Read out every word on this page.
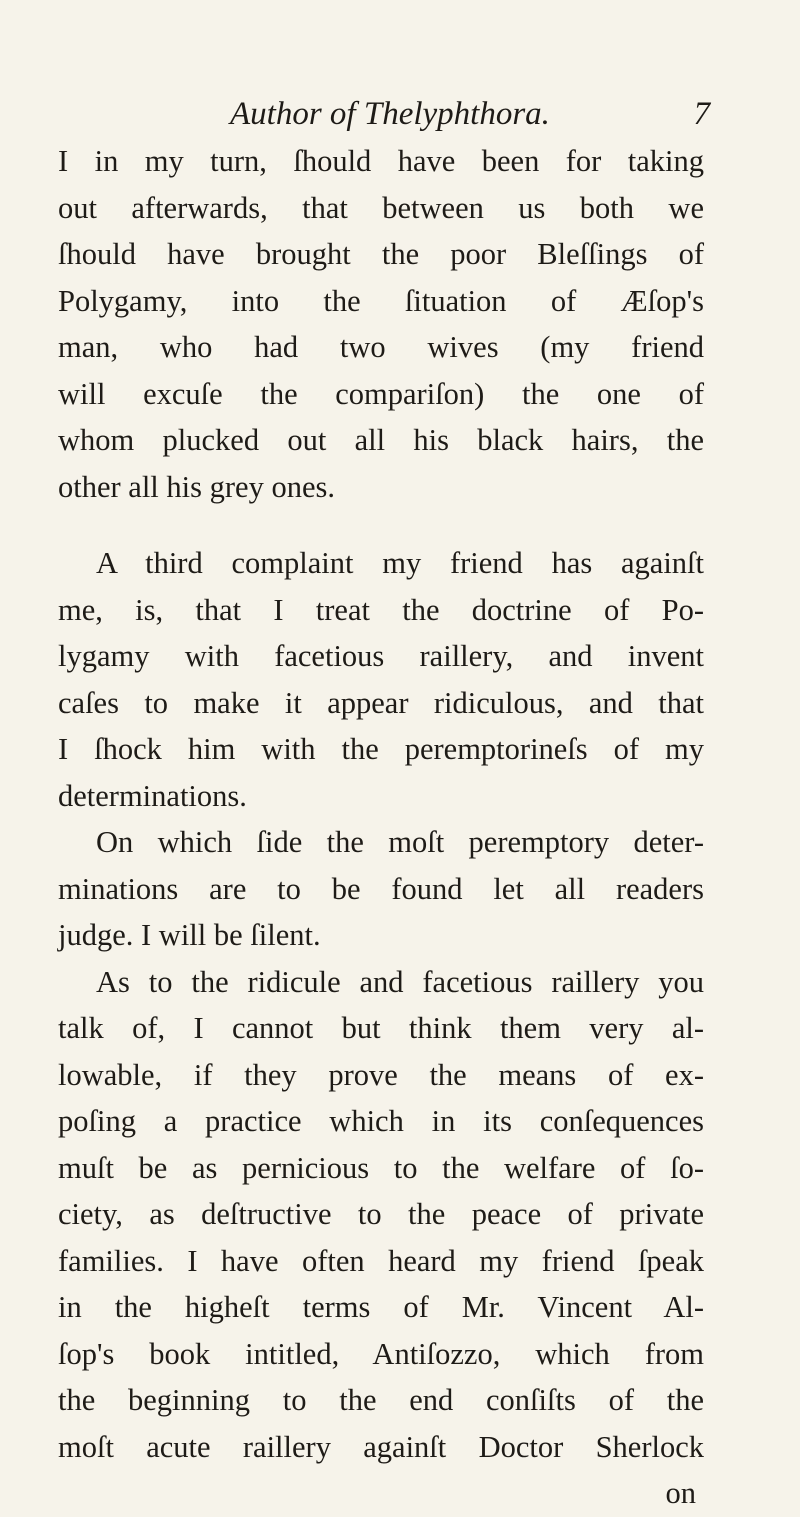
Author of Thelyphthora.	7
I in my turn, ſhould have been for taking
out afterwards, that between us both we
ſhould have brought the poor Bleſſings of
Polygamy, into the ſituation of Æſop's
man, who had two wives (my friend
will excuſe the compariſon) the one of
whom plucked out all his black hairs, the
other all his grey ones.
A third complaint my friend has againſt
me, is, that I treat the doctrine of Po-
lygamy with facetious raillery, and invent
caſes to make it appear ridiculous, and that
I ſhock him with the peremptorineſs of my
determinations.
On which ſide the moſt peremptory deter-
minations are to be found let all readers
judge. I will be ſilent.
As to the ridicule and facetious raillery you
talk of, I cannot but think them very al-
lowable, if they prove the means of ex-
poſing a practice which in its conſequences
muſt be as pernicious to the welfare of ſo-
ciety, as deſtructive to the peace of private
families. I have often heard my friend ſpeak
in the higheſt terms of Mr. Vincent Al-
ſop's book intitled, Antiſozzo, which from
the beginning to the end conſiſts of the
moſt acute raillery againſt Doctor Sherlock
on
